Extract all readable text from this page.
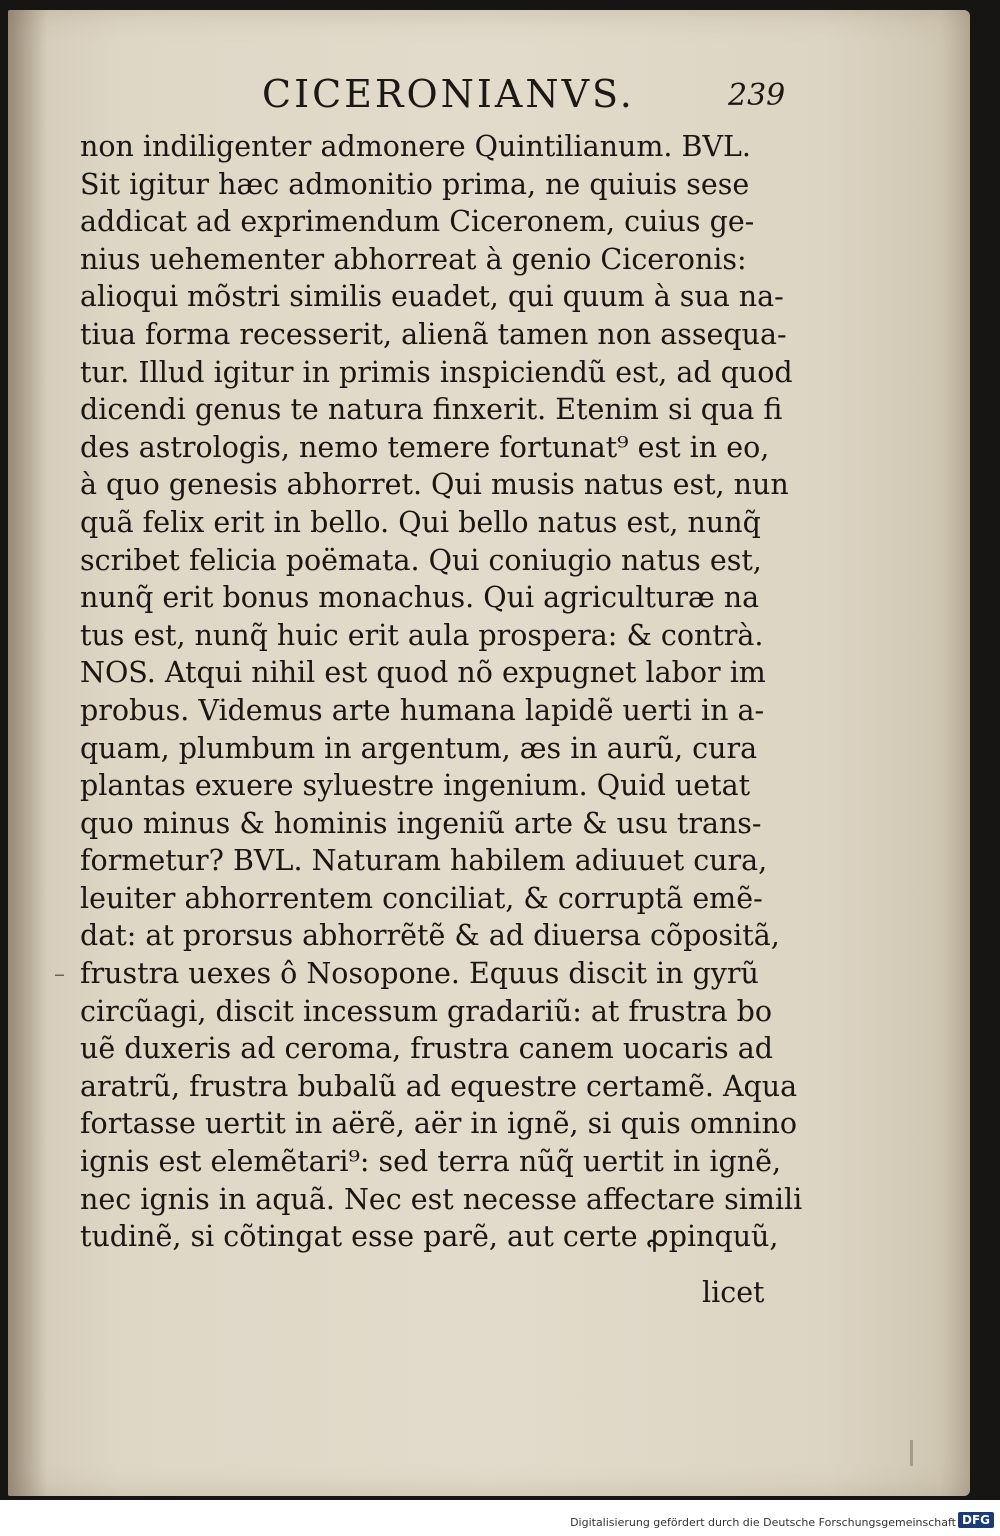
CICERONIANVS.	239
non indiligenter admonere Quintilianum. BVL.
Sit igitur hæc admonitio prima, ne quiuis sese
addicat ad exprimendum Ciceronem, cuius ge-
nius uehementer abhorreat à genio Ciceronis:
alioqui mõstri similis euadet, qui quum à sua na-
tiua forma recesserit, alienã tamen non assequa-
tur. Illud igitur in primis inspiciendũ est, ad quod
dicendi genus te natura finxerit. Etenim si qua fi
des astrologis, nemo temere fortunat⁹ est in eo,
à quo genesis abhorret. Qui musis natus est, nun
quã felix erit in bello. Qui bello natus est, nunq̃
scribet felicia poëmata. Qui coniugio natus est,
nunq̃ erit bonus monachus. Qui agriculturæ na
tus est, nunq̃ huic erit aula prospera: & contrà.
NOS. Atqui nihil est quod nõ expugnet labor im
probus. Videmus arte humana lapidẽ uerti in a-
quam, plumbum in argentum, æs in aurũ, cura
plantas exuere syluestre ingenium. Quid uetat
quo minus & hominis ingeniũ arte & usu trans-
formetur? BVL. Naturam habilem adiuuet cura,
leuiter abhorrentem conciliat, & corruptã emẽ-
dat: at prorsus abhorrẽtẽ & ad diuersa cõpositã,
frustra uexes ô Nosopone. Equus discit in gyrũ
circũagi, discit incessum gradariũ: at frustra bo
uẽ duxeris ad ceroma, frustra canem uocaris ad
aratrũ, frustra bubalũ ad equestre certamẽ. Aqua
fortasse uertit in aërẽ, aër in ignẽ, si quis omnino
ignis est elemẽtari⁹: sed terra nũq̃ uertit in ignẽ,
nec ignis in aquã. Nec est necesse affectare simili
tudinẽ, si cõtingat esse parẽ, aut certe ꝓpinquũ,
licet
–
Digitalisierung gefördert durch die Deutsche Forschungsgemeinschaft DFG
